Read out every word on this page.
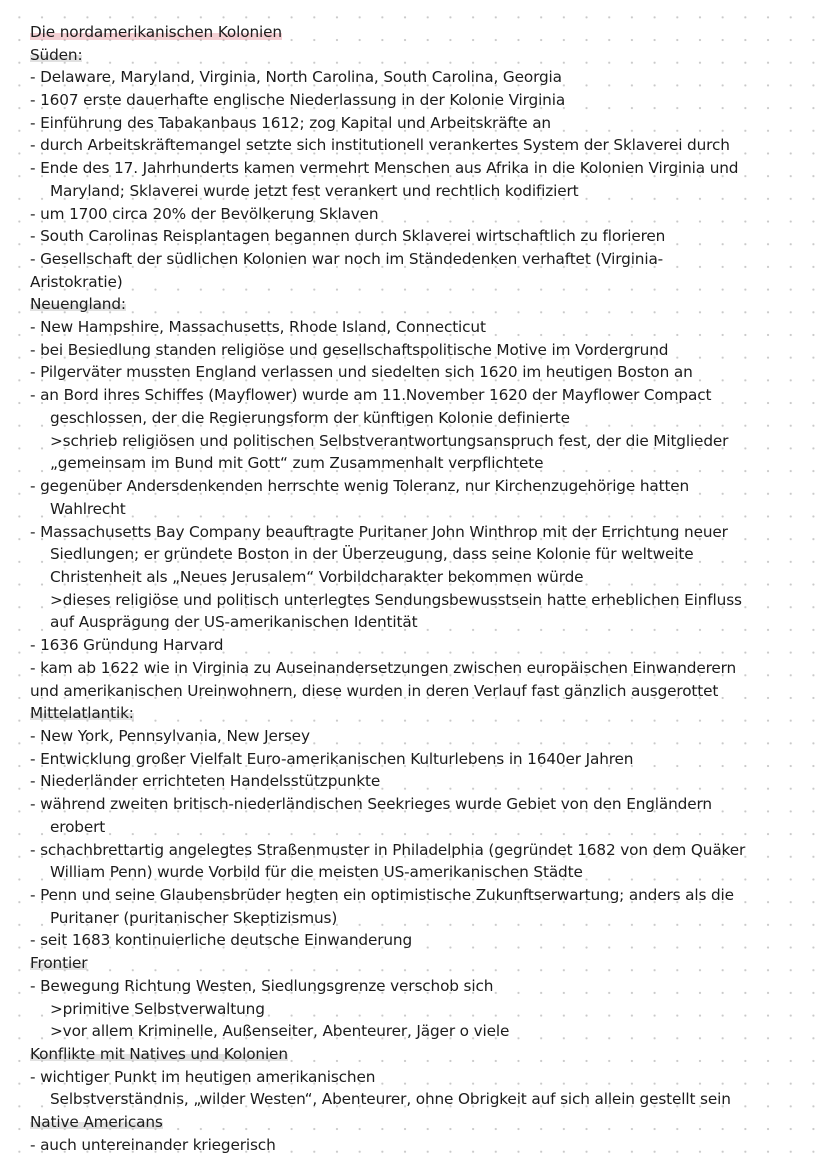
Die nordamerikanischen Kolonien
Süden:
- Delaware, Maryland, Virginia, North Carolina, South Carolina, Georgia
- 1607 erste dauerhafte englische Niederlassung in der Kolonie Virginia
- Einführung des Tabakanbaus 1612; zog Kapital und Arbeitskräfte an
- durch Arbeitskräftemangel setzte sich institutionell verankertes System der Sklaverei durch
- Ende des 17. Jahrhunderts kamen vermehrt Menschen aus Afrika in die Kolonien Virginia und
Maryland; Sklaverei wurde jetzt fest verankert und rechtlich kodifiziert
- um 1700 circa 20% der Bevölkerung Sklaven
- South Carolinas Reisplantagen begannen durch Sklaverei wirtschaftlich zu florieren
- Gesellschaft der südlichen Kolonien war noch im Ständedenken verhaftet (Virginia-
Aristokratie)
Neuengland:
- New Hampshire, Massachusetts, Rhode Island, Connecticut
- bei Besiedlung standen religiöse und gesellschaftspolitische Motive im Vordergrund
- Pilgerväter mussten England verlassen und siedelten sich 1620 im heutigen Boston an
- an Bord ihres Schiffes (Mayflower) wurde am 11.November 1620 der Mayflower Compact
geschlossen, der die Regierungsform der künftigen Kolonie definierte
>schrieb religiösen und politischen Selbstverantwortungsanspruch fest, der die Mitglieder
„gemeinsam im Bund mit Gott“ zum Zusammenhalt verpflichtete
- gegenüber Andersdenkenden herrschte wenig Toleranz, nur Kirchenzugehörige hatten
Wahlrecht
- Massachusetts Bay Company beauftragte Puritaner John Winthrop mit der Errichtung neuer
Siedlungen; er gründete Boston in der Überzeugung, dass seine Kolonie für weltweite
Christenheit als „Neues Jerusalem“ Vorbildcharakter bekommen würde
>dieses religiöse und politisch unterlegtes Sendungsbewusstsein hatte erheblichen Einfluss
auf Ausprägung der US-amerikanischen Identität
- 1636 Gründung Harvard
- kam ab 1622 wie in Virginia zu Auseinandersetzungen zwischen europäischen Einwanderern
und amerikanischen Ureinwohnern, diese wurden in deren Verlauf fast gänzlich ausgerottet
Mittelatlantik:
- New York, Pennsylvania, New Jersey
- Entwicklung großer Vielfalt Euro-amerikanischen Kulturlebens in 1640er Jahren
- Niederländer errichteten Handelsstützpunkte
- während zweiten britisch-niederländischen Seekrieges wurde Gebiet von den Engländern
erobert
- schachbrettartig angelegtes Straßenmuster in Philadelphia (gegründet 1682 von dem Quäker
William Penn) wurde Vorbild für die meisten US-amerikanischen Städte
- Penn und seine Glaubensbrüder hegten ein optimistische Zukunftserwartung; anders als die
Puritaner (puritanischer Skeptizismus)
- seit 1683 kontinuierliche deutsche Einwanderung
Frontier
- Bewegung Richtung Westen, Siedlungsgrenze verschob sich
>primitive Selbstverwaltung
>vor allem Kriminelle, Außenseiter, Abenteurer, Jäger o viele
Konflikte mit Natives und Kolonien
- wichtiger Punkt im heutigen amerikanischen
Selbstverständnis, „wilder Westen“, Abenteurer, ohne Obrigkeit auf sich allein gestellt sein
Native Americans
- auch untereinander kriegerisch
